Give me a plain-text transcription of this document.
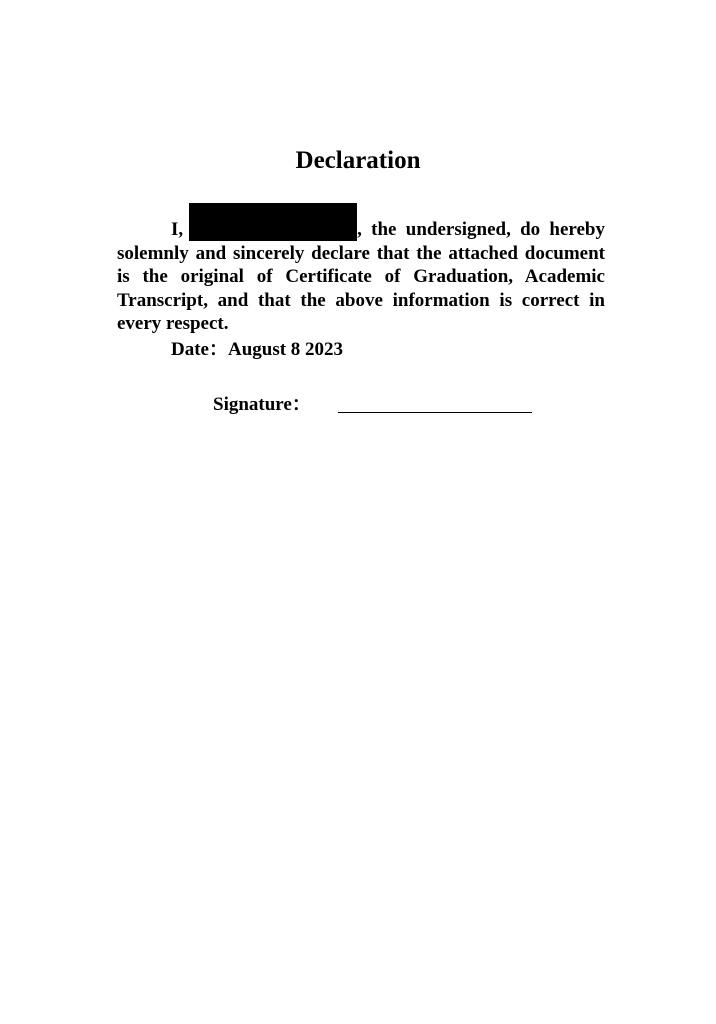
Declaration

I,	, the undersigned, do hereby solemnly and sincerely declare that the attached document is the original of Certificate of Graduation, Academic Transcript, and that the above information is correct in every respect.

Date：August 8 2023
Signature：
